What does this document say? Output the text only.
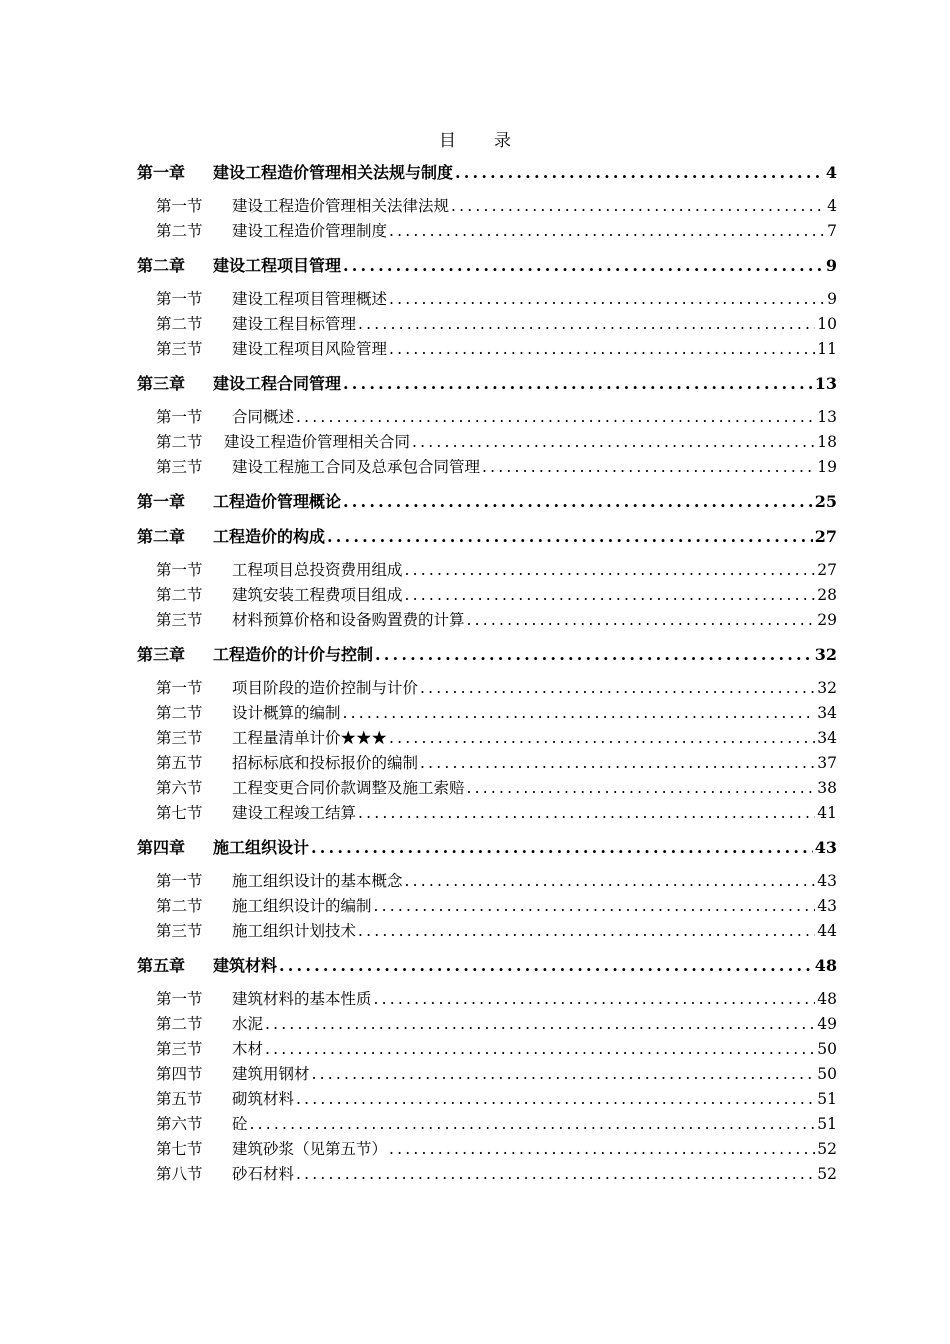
目 录
第一章	建设工程造价管理相关法规与制度 .....	4
第一节	建设工程造价管理相关法律法规 .....	4
第二节	建设工程造价管理制度 .....	7
第二章	建设工程项目管理 .....	9
第一节	建设工程项目管理概述 .....	9
第二节	建设工程目标管理 .....	10
第三节	建设工程项目风险管理 .....	11
第三章	建设工程合同管理 .....	13
第一节	合同概述 .....	13
第二节	建设工程造价管理相关合同 .....	18
第三节	建设工程施工合同及总承包合同管理 .....	19
第一章	工程造价管理概论 .....	25
第二章	工程造价的构成 .....	27
第一节	工程项目总投资费用组成 .....	27
第二节	建筑安装工程费项目组成 .....	28
第三节	材料预算价格和设备购置费的计算 .....	29
第三章	工程造价的计价与控制 .....	32
第一节	项目阶段的造价控制与计价 .....	32
第二节	设计概算的编制 .....	34
第三节	工程量清单计价★★★ .....	34
第五节	招标标底和投标报价的编制 .....	37
第六节	工程变更合同价款调整及施工索赔 .....	38
第七节	建设工程竣工结算 .....	41
第四章	施工组织设计 .....	43
第一节	施工组织设计的基本概念 .....	43
第二节	施工组织设计的编制 .....	43
第三节	施工组织计划技术 .....	44
第五章	建筑材料 .....	48
第一节	建筑材料的基本性质 .....	48
第二节	水泥 .....	49
第三节	木材 .....	50
第四节	建筑用钢材 .....	50
第五节	砌筑材料 .....	51
第六节	砼 .....	51
第七节	建筑砂浆（见第五节） .....	52
第八节	砂石材料 .....	52
